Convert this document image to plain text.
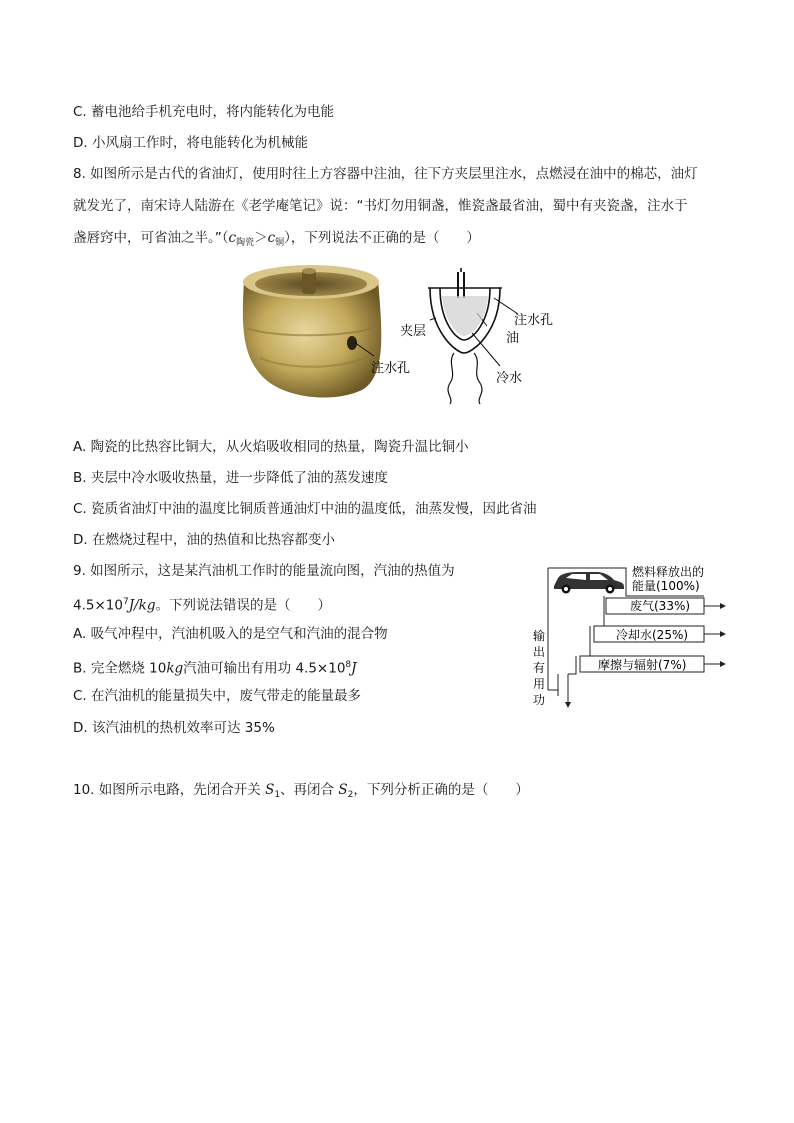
C. 蓄电池给手机充电时，将内能转化为电能
D. 小风扇工作时，将电能转化为机械能
8. 如图所示是古代的省油灯，使用时往上方容器中注油，往下方夹层里注水，点燃浸在油中的棉芯，油灯
就发光了，南宋诗人陆游在《老学庵笔记》说：“书灯勿用铜盏，惟瓷盏最省油，蜀中有夹瓷盏，注水于
盏唇窍中，可省油之半。$”(c_{陶瓷}>c_铜)$，下列说法不正确的是（　　）
注水孔
注水孔
夹层	油
冷水
A. 陶瓷的比热容比铜大，从火焰吸收相同的热量，陶瓷升温比铜小
B. 夹层中冷水吸收热量，进一步降低了油的蒸发速度
C. 瓷质省油灯中油的温度比铜质普通油灯中油的温度低，油蒸发慢，因此省油
D. 在燃烧过程中，油的热值和比热容都变小
9. 如图所示，这是某汽油机工作时的能量流向图，汽油的热值为
$4.5\times 10^7J/kg$。下列说法错误的是（　　）
A. 吸气冲程中，汽油机吸入的是空气和汽油的混合物
B. 完全燃烧 10kg汽油可输出有用功 $4.5\times 10^8J$
C. 在汽油机的能量损失中，废气带走的能量最多
D. 该汽油机的热机效率可达 35%
燃料释放出的
能量(100%)
废气(33%)
冷却水(25%)
摩擦与辐射(7%)
输
出
有
用
功
10. 如图所示电路，先闭合开关 $S_1$、再闭合 $S_2$，下列分析正确的是（　　）
